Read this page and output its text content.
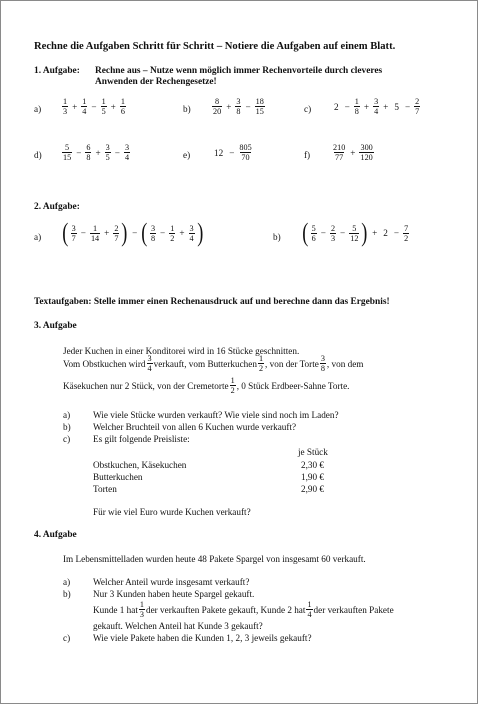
Rechne die Aufgaben Schritt für Schritt – Notiere die Aufgaben auf einem Blatt.
1. Aufgabe: Rechne aus – Nutze wenn möglich immer Rechenvorteile durch cleveres
Anwenden der Rechengesetze!
a)	$\frac{1}{3} + \frac{1}{4} - \frac{1}{5} + \frac{1}{6}$	b)	$\frac{8}{20} + \frac{3}{8} - \frac{18}{15}$	c) $2 - \frac{1}{8} + \frac{3}{4} + 5 - \frac{2}{7}$
$d) \frac{5}{15} - \frac{6}{8} + \frac{3}{5} - \frac{3}{4}$	e)	$12 - \frac{805}{70}$	f)	$\frac{210}{77} + \frac{300}{120}$
2. Aufgabe:
a) ( $\frac{3}{7} - \frac{1}{14} + \frac{2}{7}$ ) − ( $\frac{3}{8} - \frac{1}{2} + \frac{3}{4}$ )	b) ( $\frac{5}{6} - \frac{2}{3} - \frac{5}{12}$ ) + $2 - \frac{7}{2}$
Textaufgaben: Stelle immer einen Rechenausdruck auf und berechne dann das Ergebnis!
3. Aufgabe
Jeder Kuchen in einer Konditorei wird in 16 Stücke geschnitten.
Vom Obstkuchen wird $\frac{3}{4}$ verkauft, vom Butterkuchen $\frac{1}{2}$ , von der Torte $\frac{3}{8}$ , von dem
Käsekuchen nur 2 Stück, von der Cremetorte $\frac{1}{2}$ , 0 Stück Erdbeer-Sahne Torte.
a) Wie viele Stücke wurden verkauft? Wie viele sind noch im Laden?
b) Welcher Bruchteil von allen 6 Kuchen wurde verkauft?
c) Es gilt folgende Preisliste:
je Stück
Obstkuchen, Käsekuchen	2,30 €
Butterkuchen	1,90 €
Torten	2,90 €
Für wie viel Euro wurde Kuchen verkauft?
4. Aufgabe
Im Lebensmittelladen wurden heute 48 Pakete Spargel von insgesamt 60 verkauft.
a) Welcher Anteil wurde insgesamt verkauft?
b) Nur 3 Kunden haben heute Spargel gekauft.
Kunde 1 hat $\frac{1}{3}$ der verkauften Pakete gekauft, Kunde 2 hat $\frac{1}{4}$ der verkauften Pakete
gekauft. Welchen Anteil hat Kunde 3 gekauft?
c) Wie viele Pakete haben die Kunden 1, 2, 3 jeweils gekauft?
